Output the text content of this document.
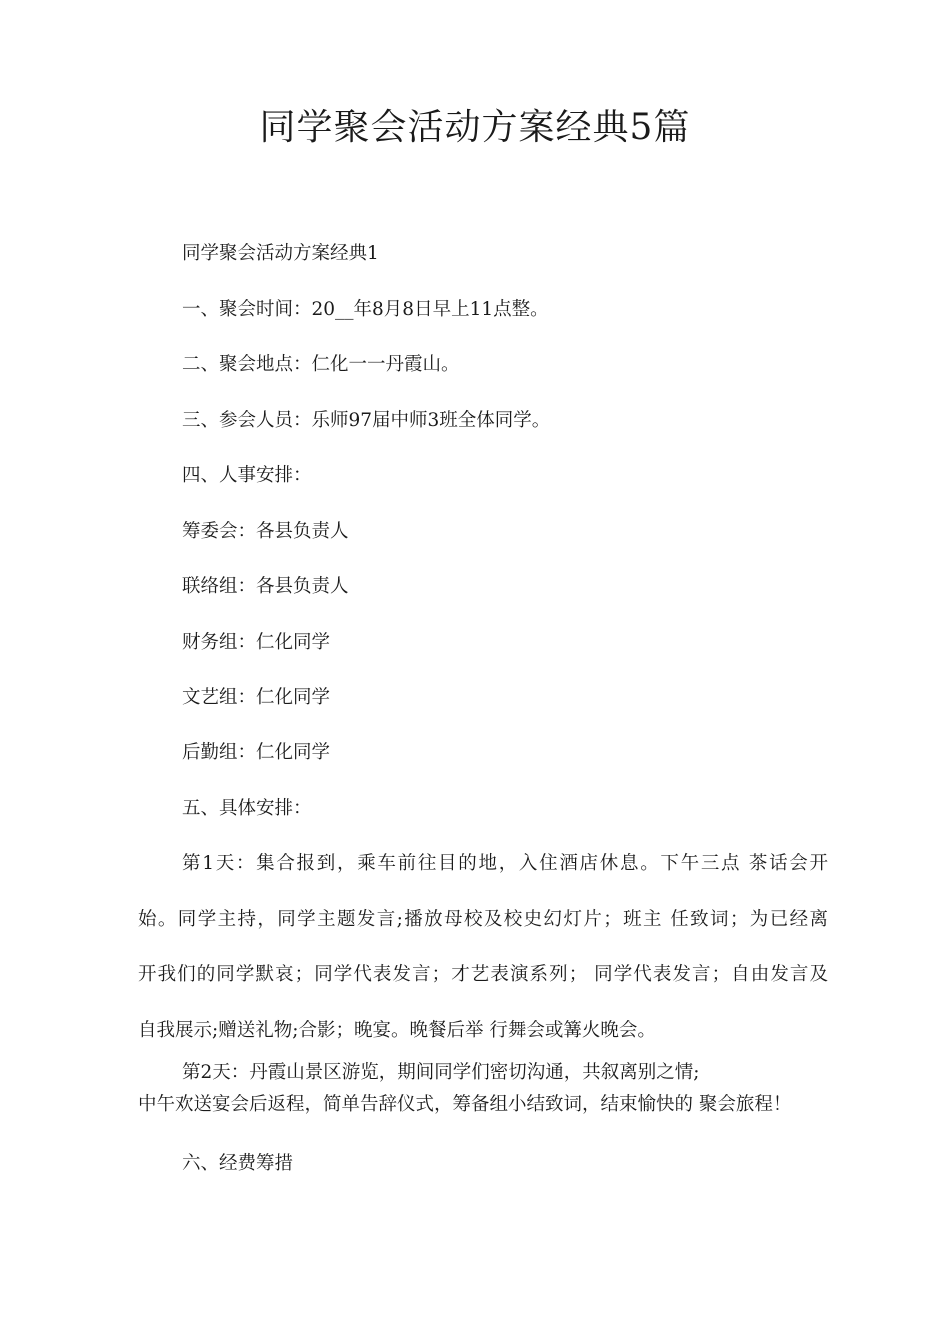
同学聚会活动方案经典5篇

同学聚会活动方案经典1

一、聚会时间：20__年8月8日早上11点整。

二、聚会地点：仁化一一丹霞山。

三、参会人员：乐师97届中师3班全体同学。

四、人事安排：

筹委会：各县负责人

联络组：各县负责人

财务组：仁化同学

文艺组：仁化同学

后勤组：仁化同学

五、具体安排：

第1天：集合报到，乘车前往目的地，入住酒店休息。下午三点 茶话会开
始。同学主持，同学主题发言;播放母校及校史幻灯片；班主 任致词；为已经离
开我们的同学默哀；同学代表发言；才艺表演系列； 同学代表发言；自由发言及
自我展示;赠送礼物;合影；晚宴。晚餐后举 行舞会或篝火晚会。
第2天：丹霞山景区游览，期间同学们密切沟通，共叙离别之情;
中午欢送宴会后返程，简单告辞仪式，筹备组小结致词，结束愉快的 聚会旅程！

六、经费筹措
